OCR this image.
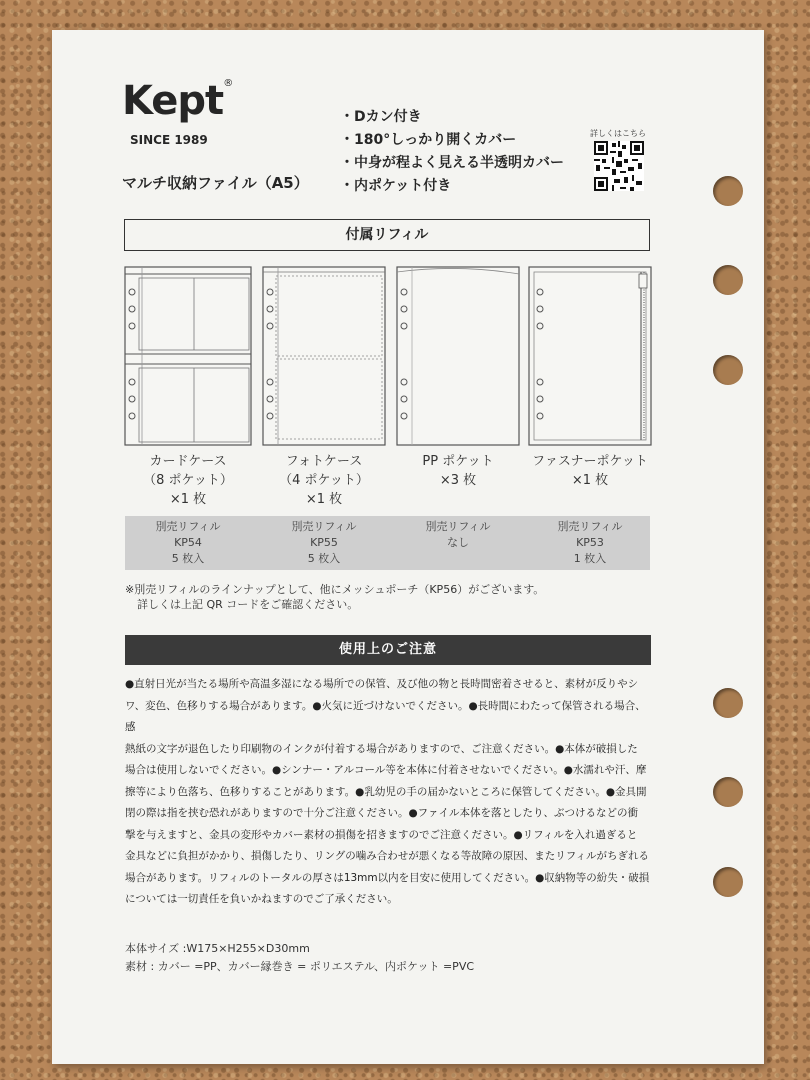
Kept®
SINCE 1989
マルチ収納ファイル（A5）
・Dカン付き
・180°しっかり開くカバー
・中身が程よく見える半透明カバー
・内ポケット付き
詳しくはこちら
付属リフィル
カードケース
（8 ポケット）
×1 枚
フォトケース
（4 ポケット）
×1 枚
PP ポケット
×3 枚
ファスナーポケット
×1 枚
別売リフィル
KP54
5 枚入
別売リフィル
KP55
5 枚入
別売リフィル
なし
別売リフィル
KP53
1 枚入
※別売リフィルのラインナップとして、他にメッシュポーチ（KP56）がございます。
詳しくは上記 QR コードをご確認ください。
使用上のご注意
●直射日光が当たる場所や高温多湿になる場所での保管、及び他の物と長時間密着させると、素材が反りやシ
ワ、変色、色移りする場合があります。●火気に近づけないでください。●長時間にわたって保管される場合、感
熱紙の文字が退色したり印刷物のインクが付着する場合がありますので、ご注意ください。●本体が破損した
場合は使用しないでください。●シンナー・アルコール等を本体に付着させないでください。●水濡れや汗、摩
擦等により色落ち、色移りすることがあります。●乳幼児の手の届かないところに保管してください。●金具開
閉の際は指を挟む恐れがありますので十分ご注意ください。●ファイル本体を落としたり、ぶつけるなどの衝
撃を与えますと、金具の変形やカバー素材の損傷を招きますのでご注意ください。●リフィルを入れ過ぎると
金具などに負担がかかり、損傷したり、リングの噛み合わせが悪くなる等故障の原因、またリフィルがちぎれる
場合があります。リフィルのトータルの厚さは13mm以内を目安に使用してください。●収納物等の紛失・破損
については一切責任を負いかねますのでご了承ください。
本体サイズ :W175×H255×D30mm
素材 : カバー =PP、カバー縁巻き = ポリエステル、内ポケット =PVC
